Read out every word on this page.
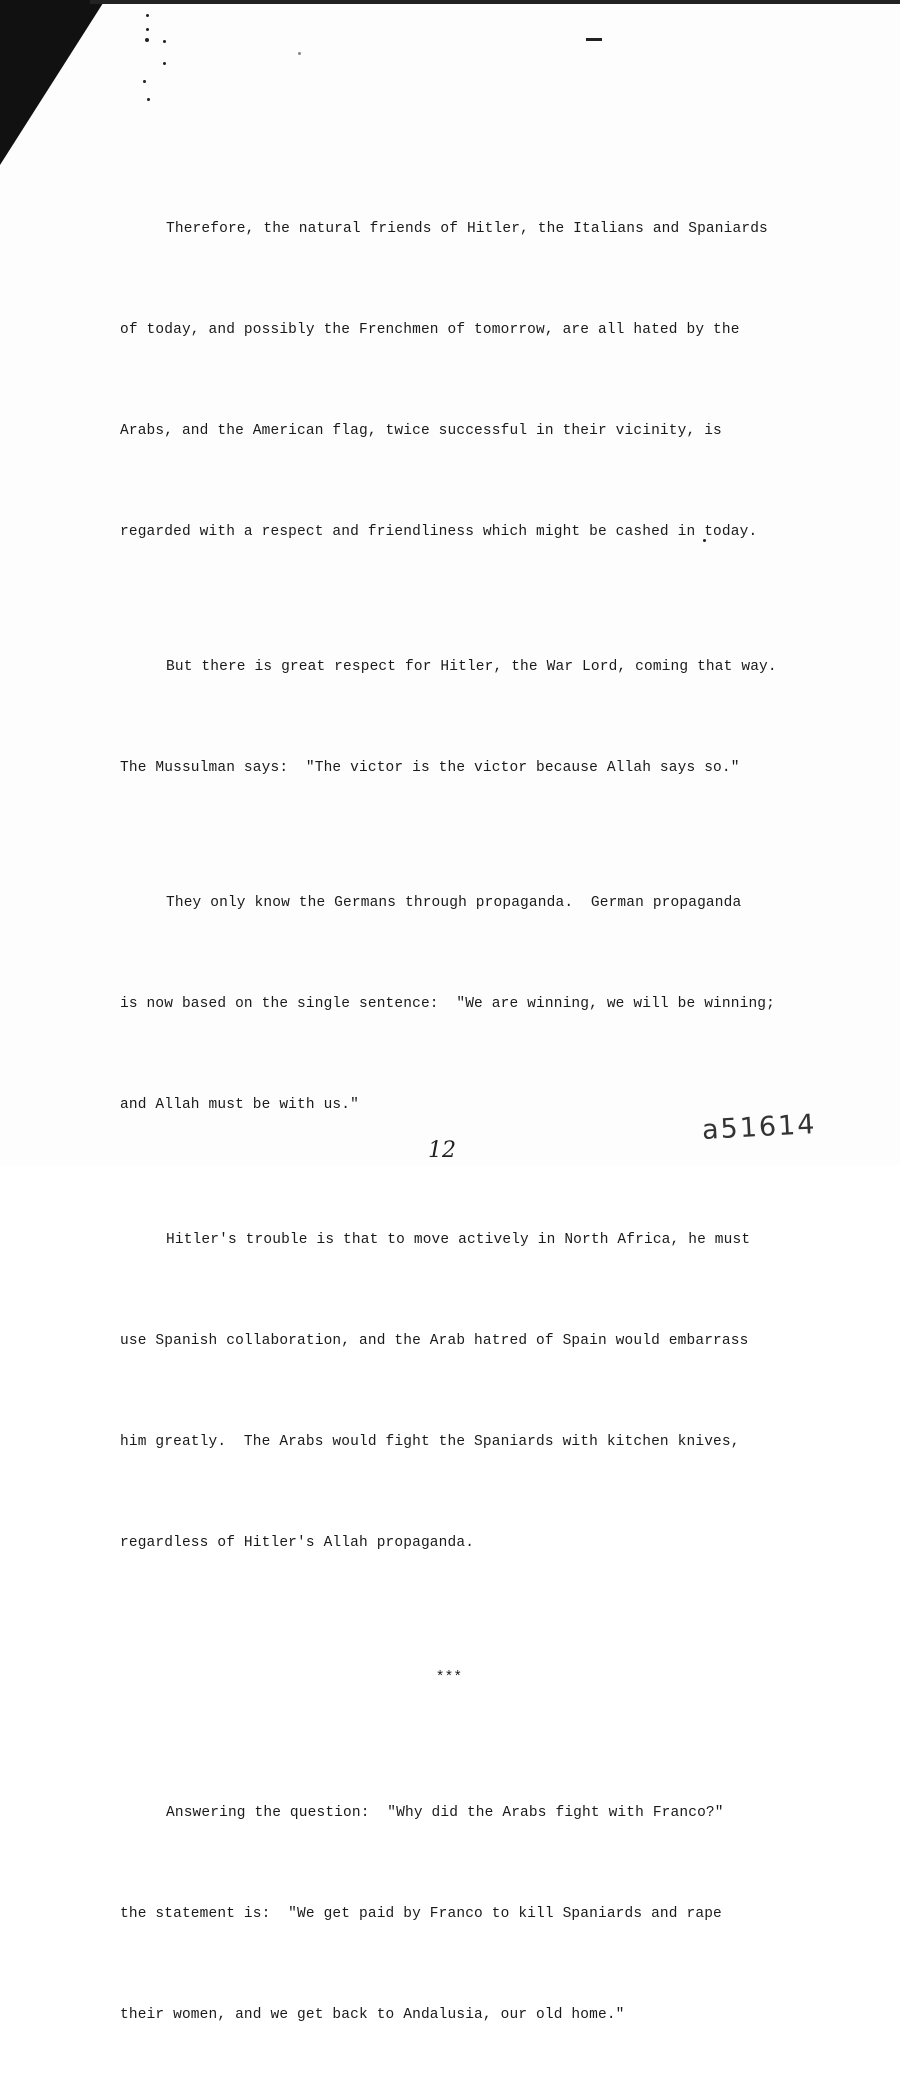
Therefore, the natural friends of Hitler, the Italians and Spaniards

of today, and possibly the Frenchmen of tomorrow, are all hated by the

Arabs, and the American flag, twice successful in their vicinity, is

regarded with a respect and friendliness which might be cashed in today.

But there is great respect for Hitler, the War Lord, coming that way.

The Mussulman says:  "The victor is the victor because Allah says so."

They only know the Germans through propaganda.  German propaganda

is now based on the single sentence:  "We are winning, we will be winning;

and Allah must be with us."

Hitler's trouble is that to move actively in North Africa, he must

use Spanish collaboration, and the Arab hatred of Spain would embarrass

him greatly.  The Arabs would fight the Spaniards with kitchen knives,

regardless of Hitler's Allah propaganda.

***

Answering the question:  "Why did the Arabs fight with Franco?"

the statement is:  "We get paid by Franco to kill Spaniards and rape

their women, and we get back to Andalusia, our old home."

a51614
12
